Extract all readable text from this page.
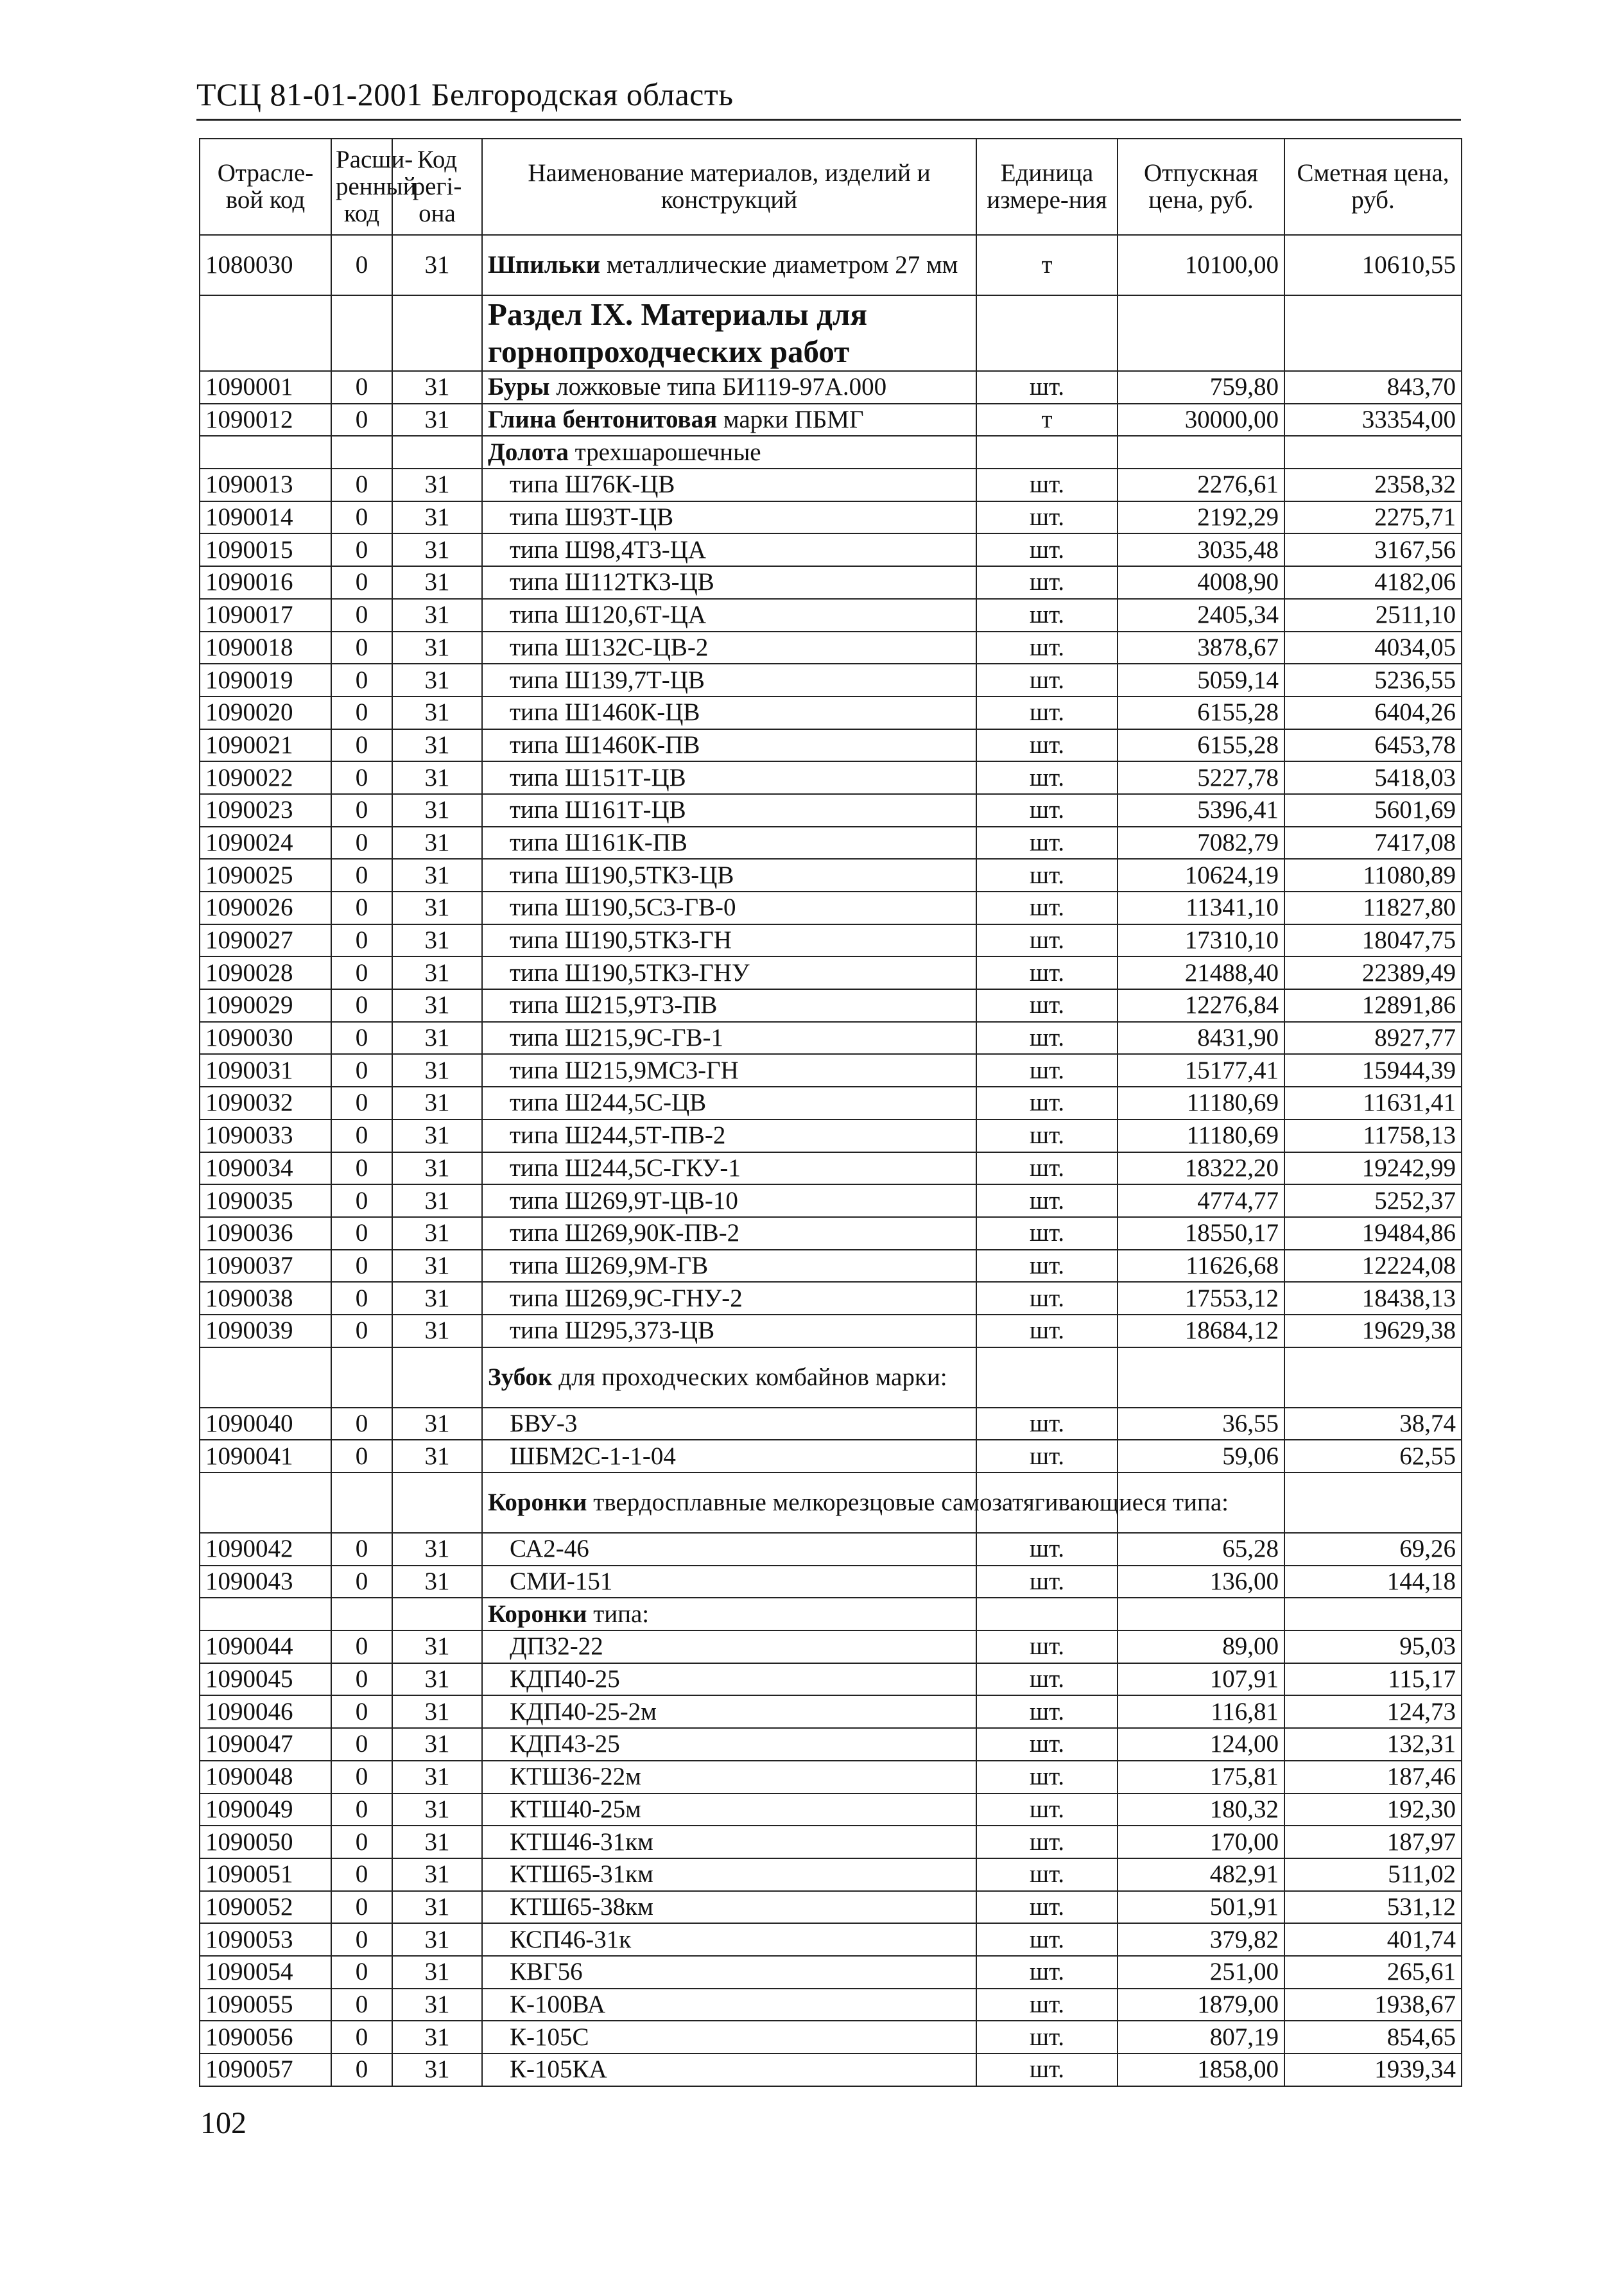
ТСЦ 81-01-2001 Белгородская область
Отрасле-вой код	Расши-ренный код	Код регi-она	Наименование материалов, изделий и конструкций	Единица измере-ния	Отпускная цена, руб.	Сметная цена, руб.
1080030	0	31	Шпильки металлические диаметром 27 мм	т	10100,00	10610,55

			Раздел IX. Материалы для горнопроходческих работ			

1090001	0	31	Буры ложковые типа БИ119-97А.000	шт.	759,80	843,70
1090012	0	31	Глина бентонитовая марки ПБМГ	т	30000,00	33354,00
			Долота трехшарошечные			
1090013	0	31	типа Ш76К-ЦВ	шт.	2276,61	2358,32
1090014	0	31	типа Ш93Т-ЦВ	шт.	2192,29	2275,71
1090015	0	31	типа Ш98,4Т3-ЦА	шт.	3035,48	3167,56
1090016	0	31	типа Ш112ТК3-ЦВ	шт.	4008,90	4182,06
1090017	0	31	типа Ш120,6Т-ЦА	шт.	2405,34	2511,10
1090018	0	31	типа Ш132С-ЦВ-2	шт.	3878,67	4034,05
1090019	0	31	типа Ш139,7Т-ЦВ	шт.	5059,14	5236,55
1090020	0	31	типа Ш1460К-ЦВ	шт.	6155,28	6404,26
1090021	0	31	типа Ш1460К-ПВ	шт.	6155,28	6453,78
1090022	0	31	типа Ш151Т-ЦВ	шт.	5227,78	5418,03
1090023	0	31	типа Ш161Т-ЦВ	шт.	5396,41	5601,69
1090024	0	31	типа Ш161К-ПВ	шт.	7082,79	7417,08
1090025	0	31	типа Ш190,5ТК3-ЦВ	шт.	10624,19	11080,89
1090026	0	31	типа Ш190,5С3-ГВ-0	шт.	11341,10	11827,80
1090027	0	31	типа Ш190,5ТК3-ГН	шт.	17310,10	18047,75
1090028	0	31	типа Ш190,5ТК3-ГНУ	шт.	21488,40	22389,49
1090029	0	31	типа Ш215,9Т3-ПВ	шт.	12276,84	12891,86
1090030	0	31	типа Ш215,9С-ГВ-1	шт.	8431,90	8927,77
1090031	0	31	типа Ш215,9МС3-ГН	шт.	15177,41	15944,39
1090032	0	31	типа Ш244,5С-ЦВ	шт.	11180,69	11631,41
1090033	0	31	типа Ш244,5Т-ПВ-2	шт.	11180,69	11758,13
1090034	0	31	типа Ш244,5С-ГКУ-1	шт.	18322,20	19242,99
1090035	0	31	типа Ш269,9Т-ЦВ-10	шт.	4774,77	5252,37
1090036	0	31	типа Ш269,90К-ПВ-2	шт.	18550,17	19484,86
1090037	0	31	типа Ш269,9М-ГВ	шт.	11626,68	12224,08
1090038	0	31	типа Ш269,9С-ГНУ-2	шт.	17553,12	18438,13
1090039	0	31	типа Ш295,373-ЦВ	шт.	18684,12	19629,38
			Зубок для проходческих комбайнов марки:			
1090040	0	31	БВУ-3	шт.	36,55	38,74
1090041	0	31	ШБМ2С-1-1-04	шт.	59,06	62,55
			Коронки твердосплавные мелкорезцовые самозатягивающиеся типа:			
1090042	0	31	СА2-46	шт.	65,28	69,26
1090043	0	31	СМИ-151	шт.	136,00	144,18
			Коронки типа:			
1090044	0	31	ДП32-22	шт.	89,00	95,03
1090045	0	31	КДП40-25	шт.	107,91	115,17
1090046	0	31	КДП40-25-2м	шт.	116,81	124,73
1090047	0	31	КДП43-25	шт.	124,00	132,31
1090048	0	31	КТШ36-22м	шт.	175,81	187,46
1090049	0	31	КТШ40-25м	шт.	180,32	192,30
1090050	0	31	КТШ46-31км	шт.	170,00	187,97
1090051	0	31	КТШ65-31км	шт.	482,91	511,02
1090052	0	31	КТШ65-38км	шт.	501,91	531,12
1090053	0	31	КСП46-31к	шт.	379,82	401,74
1090054	0	31	КВГ56	шт.	251,00	265,61
1090055	0	31	К-100ВА	шт.	1879,00	1938,67
1090056	0	31	К-105С	шт.	807,19	854,65
1090057	0	31	К-105КА	шт.	1858,00	1939,34
102
